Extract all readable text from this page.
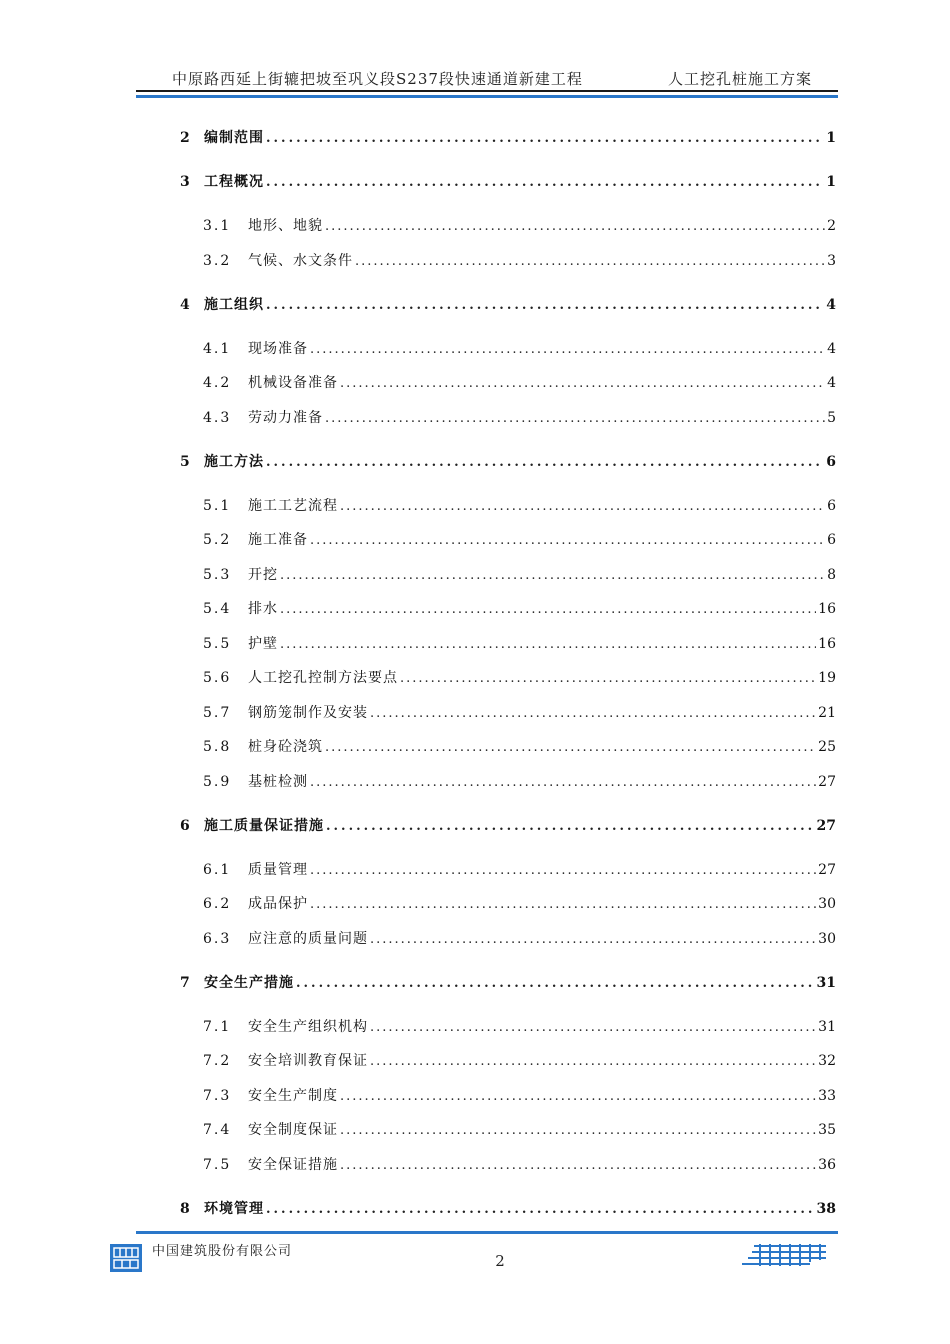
中原路西延上街辘把坡至巩义段S237段快速通道新建工程	人工挖孔桩施工方案
2	编制范围 .....	1
3	工程概况 .....	1
3.1	地形、地貌 .....	2
3.2	气候、水文条件 .....	3
4	施工组织 .....	4
4.1	现场准备 .....	4
4.2	机械设备准备 .....	4
4.3	劳动力准备 .....	5
5	施工方法 .....	6
5.1	施工工艺流程 .....	6
5.2	施工准备 .....	6
5.3	开挖 .....	8
5.4	排水 .....	16
5.5	护壁 .....	16
5.6	人工挖孔控制方法要点 .....	19
5.7	钢筋笼制作及安装 .....	21
5.8	桩身砼浇筑 .....	25
5.9	基桩检测 .....	27
6	施工质量保证措施 .....	27
6.1	质量管理 .....	27
6.2	成品保护 .....	30
6.3	应注意的质量问题 .....	30
7	安全生产措施 .....	31
7.1	安全生产组织机构 .....	31
7.2	安全培训教育保证 .....	32
7.3	安全生产制度 .....	33
7.4	安全制度保证 .....	35
7.5	安全保证措施 .....	36
8	环境管理 .....	38
中国建筑股份有限公司
2
